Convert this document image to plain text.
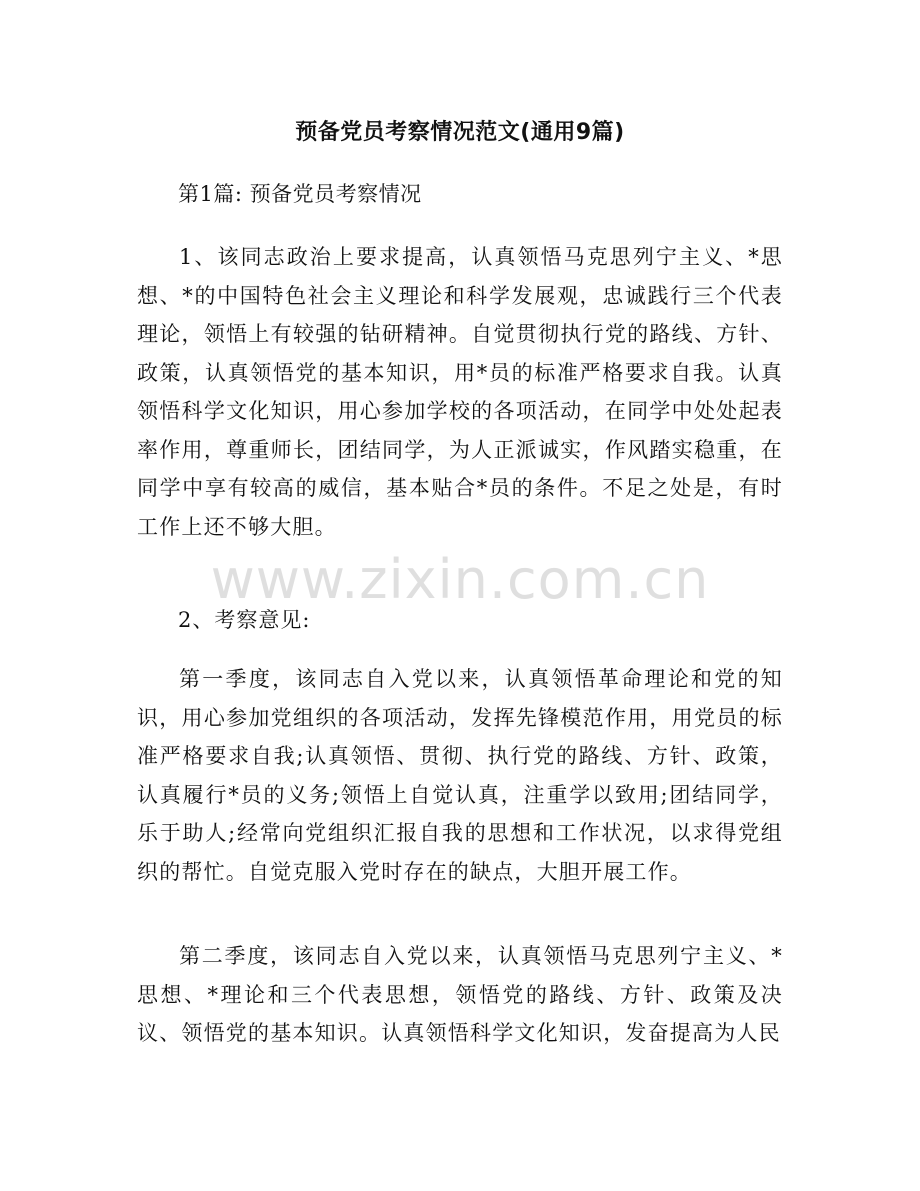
预备党员考察情况范文(通用9篇)
第1篇: 预备党员考察情况
1、该同志政治上要求提高，认真领悟马克思列宁主义、*思想、*的中国特色社会主义理论和科学发展观，忠诚践行三个代表理论，领悟上有较强的钻研精神。自觉贯彻执行党的路线、方针、政策，认真领悟党的基本知识，用*员的标准严格要求自我。认真领悟科学文化知识，用心参加学校的各项活动，在同学中处处起表率作用，尊重师长，团结同学，为人正派诚实，作风踏实稳重，在同学中享有较高的威信，基本贴合*员的条件。不足之处是，有时工作上还不够大胆。
2、考察意见:
第一季度，该同志自入党以来，认真领悟革命理论和党的知识，用心参加党组织的各项活动，发挥先锋模范作用，用党员的标准严格要求自我;认真领悟、贯彻、执行党的路线、方针、政策，认真履行*员的义务;领悟上自觉认真，注重学以致用;团结同学，乐于助人;经常向党组织汇报自我的思想和工作状况，以求得党组织的帮忙。自觉克服入党时存在的缺点，大胆开展工作。
第二季度，该同志自入党以来，认真领悟马克思列宁主义、*思想、*理论和三个代表思想，领悟党的路线、方针、政策及决议、领悟党的基本知识。认真领悟科学文化知识，发奋提高为人民
www.zixin.com.cn
